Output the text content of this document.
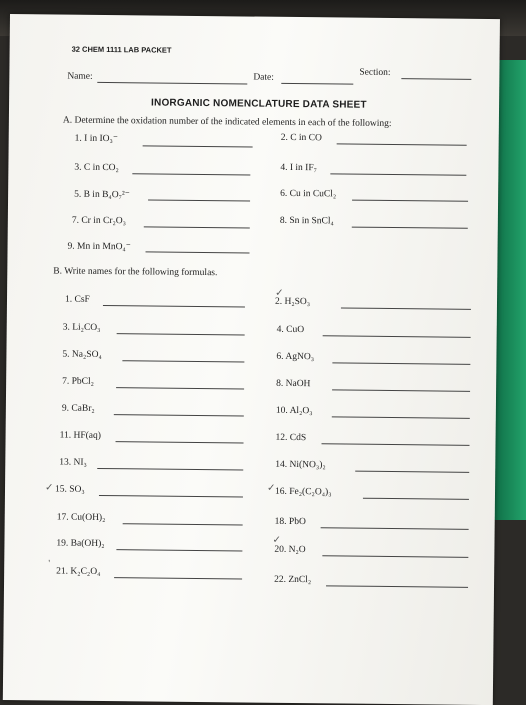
32 CHEM 1111 LAB PACKET
Name:	Date:	Section:
INORGANIC NOMENCLATURE DATA SHEET
A. Determine the oxidation number of the indicated elements in each of the following:
1. I in IO₃⁻	2. C in CO
3. C in CO₂	4. I in IF₇
5. B in B₄O₇²⁻	6. Cu in CuCl₂
7. Cr in Cr₂O₃	8. Sn in SnCl₄
9. Mn in MnO₄⁻
B. Write names for the following formulas.
1. CsF
✓
2. H₂SO₃
3. Li₂CO₃	4. CuO
5. Na₂SO₄	6. AgNO₃
7. PbCl₂	8. NaOH
9. CaBr₂	10. Al₂O₃
11. HF(aq)	12. CdS
13. NI₃	14. Ni(NO₃)₂
✓ 15. SO₃	✓ 16. Fe₂(C₂O₄)₃
17. Cu(OH)₂	18. PbO
19. Ba(OH)₂	✓
20. N₂O
'
21. K₂C₂O₄
22. ZnCl₂
